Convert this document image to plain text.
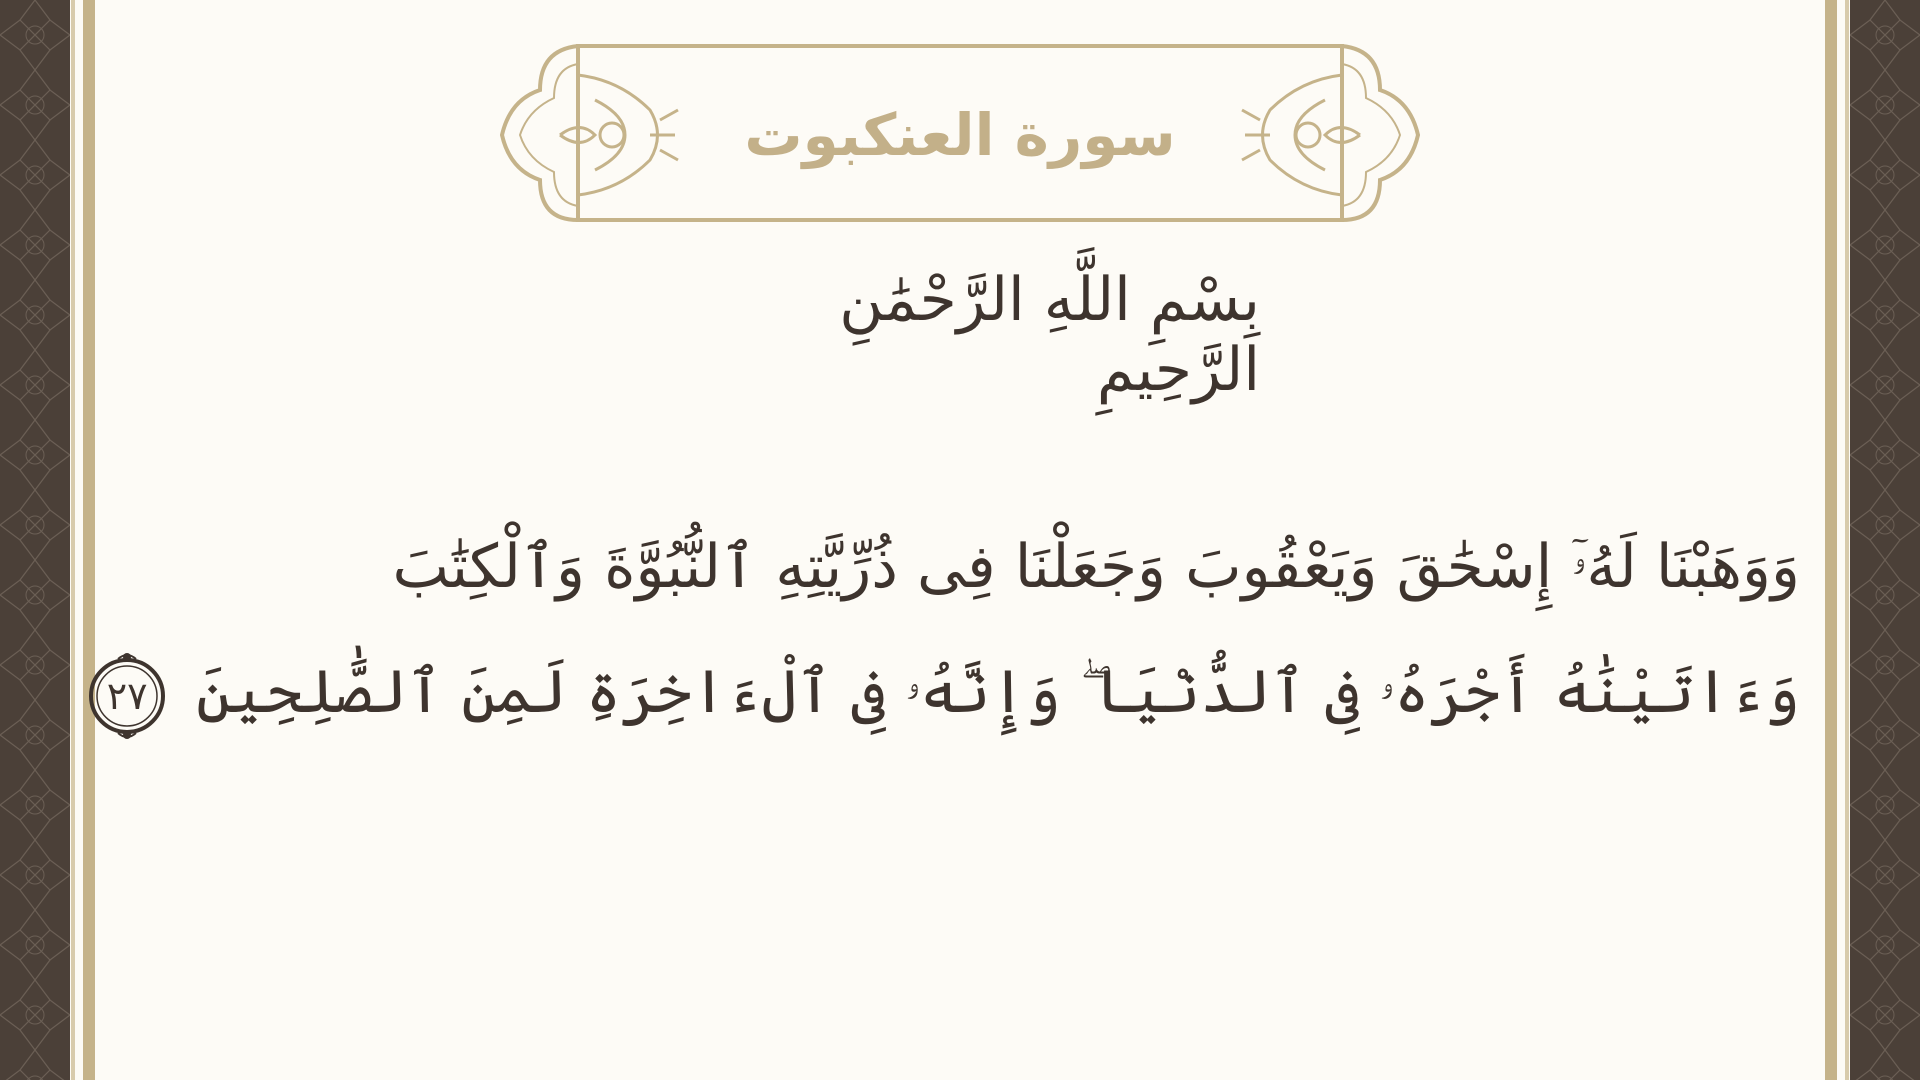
سورة العنكبوت
بِسْمِ اللَّهِ الرَّحْمَٰنِ الرَّحِيمِ
وَوَهَبْنَا لَهُۥٓ إِسْحَٰقَ وَيَعْقُوبَ وَجَعَلْنَا فِى ذُرِّيَّتِهِ ٱلنُّبُوَّةَ وَٱلْكِتَٰبَ
وَءَاتَيْنَٰهُ أَجْرَهُۥ فِى ٱلدُّنْيَا ۖ وَإِنَّهُۥ فِى ٱلْءَاخِرَةِ لَمِنَ ٱلصَّٰلِحِينَ
٢٧
